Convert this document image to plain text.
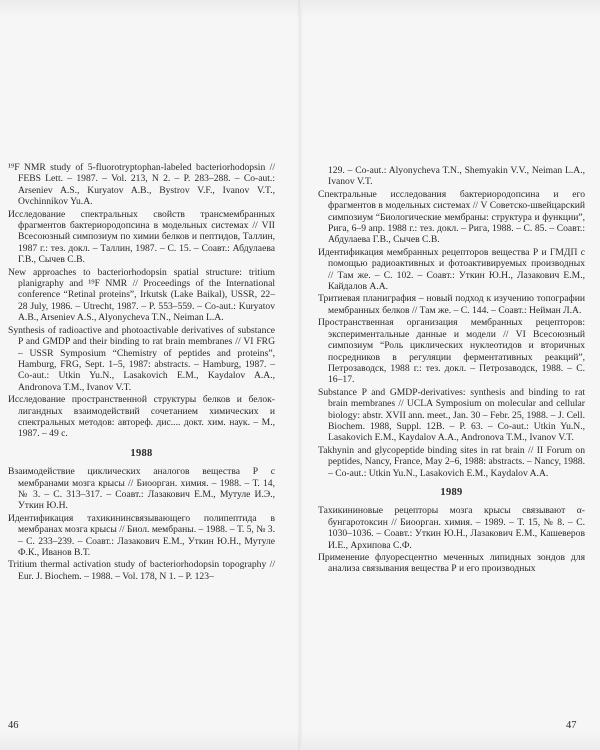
¹⁹F NMR study of 5-fluorotryptophan-labeled bacteriorhodopsin // FEBS Lett. – 1987. – Vol. 213, N 2. – P. 283–288. – Co-aut.: Arseniev A.S., Kuryatov A.B., Bystrov V.F., Ivanov V.T., Ovchinnikov Yu.A.

Исследование спектральных свойств трансмембранных фрагментов бактериородопсина в модельных системах // VII Всесоюзный симпозиум по химии белков и пептидов, Таллин, 1987 г.: тез. докл. – Таллин, 1987. – С. 15. – Соавт.: Абдулаева Г.В., Сычев С.В.

New approaches to bacteriorhodopsin spatial structure: tritium planigraphy and ¹⁹F NMR // Proceedings of the International conference “Retinal proteins”, Irkutsk (Lake Baikal), USSR, 22–28 July, 1986. – Utrecht, 1987. – P. 553–559. – Co-aut.: Kuryatov A.B., Arseniev A.S., Alyonycheva T.N., Neiman L.A.

Synthesis of radioactive and photoactivable derivatives of substance P and GMDP and their binding to rat brain membranes // VI FRG – USSR Symposium “Chemistry of peptides and proteins”, Hamburg, FRG, Sept. 1–5, 1987: abstracts. – Hamburg, 1987. – Co-aut.: Utkin Yu.N., Lasakovich E.M., Kaydalov A.A., Andronova T.M., Ivanov V.T.

Исследование пространственной структуры белков и белок-лигандных взаимодействий сочетанием химических и спектральных методов: автореф. дис.... докт. хим. наук. – М., 1987. – 49 с.

1988

Взаимодействие циклических аналогов вещества Р с мембранами мозга крысы // Биоорган. химия. – 1988. – Т. 14, № 3. – С. 313–317. – Соавт.: Лазакович Е.М., Мутуле И.Э., Уткин Ю.Н.

Идентификация тахикининсвязывающего полипептида в мембранах мозга крысы // Биол. мембраны. – 1988. – Т. 5, № 3. – С. 233–239. – Соавт.: Лазакович Е.М., Уткин Ю.Н., Мутуле Ф.К., Иванов В.Т.

Tritium thermal activation study of bacteriorhodopsin topography // Eur. J. Biochem. – 1988. – Vol. 178, N 1. – P. 123–

46

129. – Co-aut.: Alyonycheva T.N., Shemyakin V.V., Neiman L.A., Ivanov V.T.

Спектральные исследования бактериородопсина и его фрагментов в модельных системах // V Советско-швейцарский симпозиум “Биологические мембраны: структура и функции”, Рига, 6–9 апр. 1988 г.: тез. докл. – Рига, 1988. – С. 85. – Соавт.: Абдулаева Г.В., Сычев С.В.

Идентификация мембранных рецепторов вещества Р и ГМДП с помощью радиоактивных и фотоактивируемых производных // Там же. – С. 102. – Соавт.: Уткин Ю.Н., Лазакович Е.М., Кайдалов А.А.

Тритиевая планиграфия – новый подход к изучению топографии мембранных белков // Там же. – С. 144. – Соавт.: Нейман Л.А.

Пространственная организация мембранных рецепторов: экспериментальные данные и модели // VI Всесоюзный симпозиум “Роль циклических нуклеотидов и вторичных посредников в регуляции ферментативных реакций”, Петрозаводск, 1988 г.: тез. докл. – Петрозаводск, 1988. – С. 16–17.

Substance P and GMDP-derivatives: synthesis and binding to rat brain membranes // UCLA Symposium on molecular and cellular biology: abstr. XVII ann. meet., Jan. 30 – Febr. 25, 1988. – J. Cell. Biochem. 1988, Suppl. 12B. – P. 63. – Co-aut.: Utkin Yu.N., Lasakovich E.M., Kaydalov A.A., Andronova T.M., Ivanov V.T.

Takhynin and glycopeptide binding sites in rat brain // II Forum on peptides, Nancy, France, May 2–6, 1988: abstracts. – Nancy, 1988. – Co-aut.: Utkin Yu.N., Lasakovich E.M., Kaydalov A.A.

1989

Тахикининовые рецепторы мозга крысы связывают α-бунгаротоксин // Биоорган. химия. – 1989. – Т. 15, № 8. – С. 1030–1036. – Соавт.: Уткин Ю.Н., Лазакович Е.М., Кашеверов И.Е., Архипова С.Ф.

Применение флуоресцентно меченных липидных зондов для анализа связывания вещества Р и его производных

47
